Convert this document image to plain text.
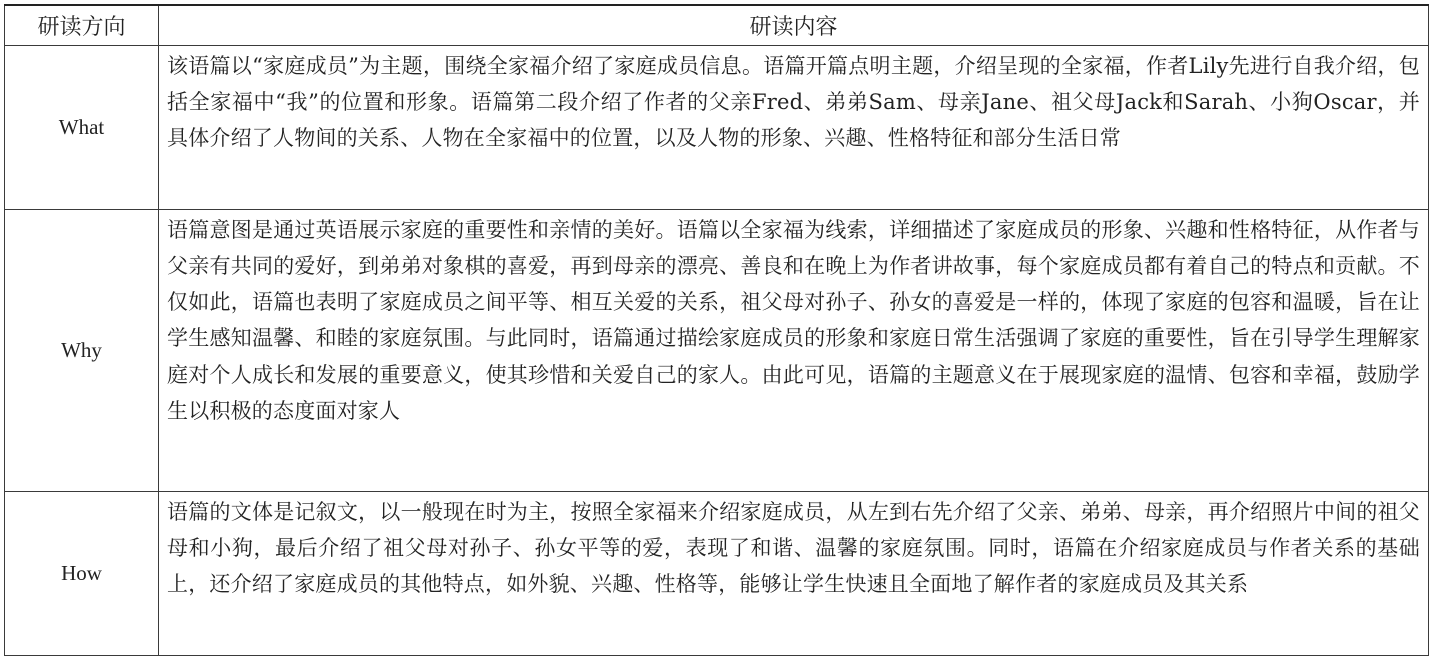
研读方向	研读内容
What	该语篇以“家庭成员”为主题，围绕全家福介绍了家庭成员信息。语篇开篇点明主题，介绍呈现的全家福，作者Lily先进行自我介绍，包括全家福中“我”的位置和形象。语篇第二段介绍了作者的父亲Fred、弟弟Sam、母亲Jane、祖父母Jack和Sarah、小狗Oscar，并具体介绍了人物间的关系、人物在全家福中的位置，以及人物的形象、兴趣、性格特征和部分生活日常
Why	语篇意图是通过英语展示家庭的重要性和亲情的美好。语篇以全家福为线索，详细描述了家庭成员的形象、兴趣和性格特征，从作者与父亲有共同的爱好，到弟弟对象棋的喜爱，再到母亲的漂亮、善良和在晚上为作者讲故事，每个家庭成员都有着自己的特点和贡献。不仅如此，语篇也表明了家庭成员之间平等、相互关爱的关系，祖父母对孙子、孙女的喜爱是一样的，体现了家庭的包容和温暖，旨在让学生感知温馨、和睦的家庭氛围。与此同时，语篇通过描绘家庭成员的形象和家庭日常生活强调了家庭的重要性，旨在引导学生理解家庭对个人成长和发展的重要意义，使其珍惜和关爱自己的家人。由此可见，语篇的主题意义在于展现家庭的温情、包容和幸福，鼓励学生以积极的态度面对家人
How	语篇的文体是记叙文，以一般现在时为主，按照全家福来介绍家庭成员，从左到右先介绍了父亲、弟弟、母亲，再介绍照片中间的祖父母和小狗，最后介绍了祖父母对孙子、孙女平等的爱，表现了和谐、温馨的家庭氛围。同时，语篇在介绍家庭成员与作者关系的基础上，还介绍了家庭成员的其他特点，如外貌、兴趣、性格等，能够让学生快速且全面地了解作者的家庭成员及其关系
